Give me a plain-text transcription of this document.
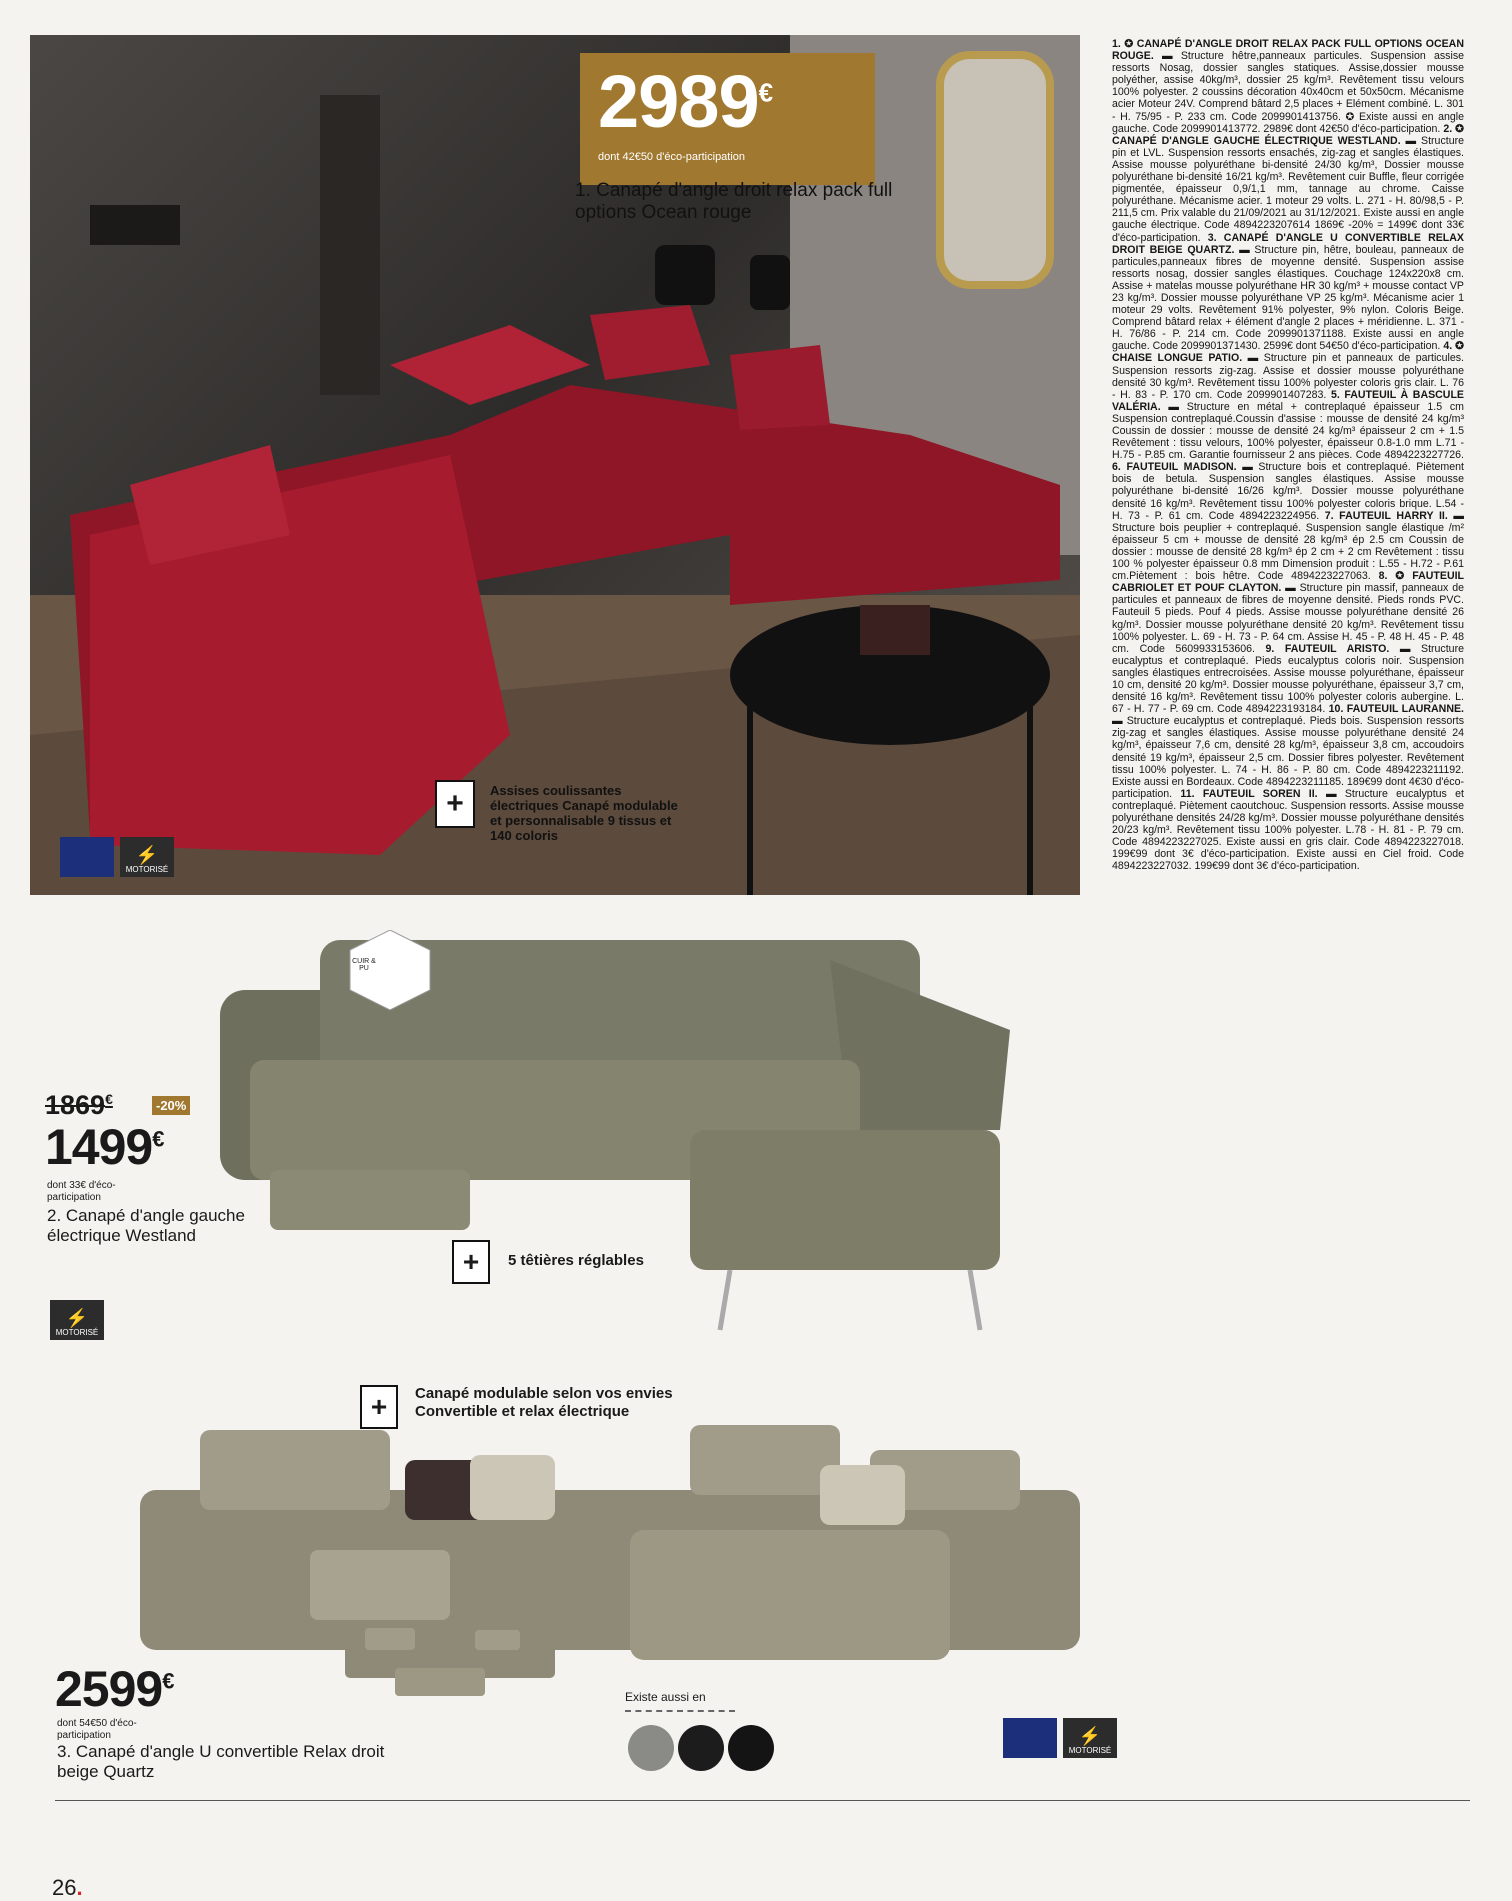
2989€
dont 42€50 d'éco-participation
1. Canapé d'angle droit relax pack full options Ocean rouge
+	Assises coulissantes électriques Canapé modulable et personnalisable 9 tissus et 140 coloris
⚡
MOTORISÉ
1. ✪ CANAPÉ D'ANGLE DROIT RELAX PACK FULL OPTIONS OCEAN ROUGE. ▬ Structure hêtre,panneaux particules. Suspension assise ressorts Nosag, dossier sangles statiques. Assise,dossier mousse polyéther, assise 40kg/m³, dossier 25 kg/m³. Revêtement tissu velours 100% polyester. 2 coussins décoration 40x40cm et 50x50cm. Mécanisme acier Moteur 24V. Comprend bâtard 2,5 places + Elément combiné. L. 301 - H. 75/95 - P. 233 cm. Code 2099901413756. ✪ Existe aussi en angle gauche. Code 2099901413772. 2989€ dont 42€50 d'éco-participation. 2. ✪ CANAPÉ D'ANGLE GAUCHE ÉLECTRIQUE WESTLAND. ▬ Structure pin et LVL. Suspension ressorts ensachés, zig-zag et sangles élastiques. Assise mousse polyuréthane bi-densité 24/30 kg/m³, Dossier mousse polyuréthane bi-densité 16/21 kg/m³. Revêtement cuir Buffle, fleur corrigée pigmentée, épaisseur 0,9/1,1 mm, tannage au chrome. Caisse polyuréthane. Mécanisme acier. 1 moteur 29 volts. L. 271 - H. 80/98,5 - P. 211,5 cm. Prix valable du 21/09/2021 au 31/12/2021. Existe aussi en angle gauche électrique. Code 4894223207614 1869€ -20% = 1499€ dont 33€ d'éco-participation. 3. CANAPÉ D'ANGLE U CONVERTIBLE RELAX DROIT BEIGE QUARTZ. ▬ Structure pin, hêtre, bouleau, panneaux de particules,panneaux fibres de moyenne densité. Suspension assise ressorts nosag, dossier sangles élastiques. Couchage 124x220x8 cm. Assise + matelas mousse polyuréthane HR 30 kg/m³ + mousse contact VP 23 kg/m³. Dossier mousse polyuréthane VP 25 kg/m³. Mécanisme acier 1 moteur 29 volts. Revêtement 91% polyester, 9% nylon. Coloris Beige. Comprend bâtard relax + élément d'angle 2 places + méridienne. L. 371 - H. 76/86 - P. 214 cm. Code 2099901371188. Existe aussi en angle gauche. Code 2099901371430. 2599€ dont 54€50 d'éco-participation. 4. ✪ CHAISE LONGUE PATIO. ▬ Structure pin et panneaux de particules. Suspension ressorts zig-zag. Assise et dossier mousse polyuréthane densité 30 kg/m³. Revêtement tissu 100% polyester coloris gris clair. L. 76 - H. 83 - P. 170 cm. Code 2099901407283. 5. FAUTEUIL À BASCULE VALÉRIA. ▬ Structure en métal + contreplaqué épaisseur 1.5 cm Suspension contreplaqué.Coussin d'assise : mousse de densité 24 kg/m³ Coussin de dossier : mousse de densité 24 kg/m³ épaisseur 2 cm + 1.5 Revêtement : tissu velours, 100% polyester, épaisseur 0.8-1.0 mm L.71 - H.75 - P.85 cm. Garantie fournisseur 2 ans pièces. Code 4894223227726. 6. FAUTEUIL MADISON. ▬ Structure bois et contreplaqué. Piètement bois de betula. Suspension sangles élastiques. Assise mousse polyuréthane bi-densité 16/26 kg/m³. Dossier mousse polyuréthane densité 16 kg/m³. Revêtement tissu 100% polyester coloris brique. L.54 - H. 73 - P. 61 cm. Code 4894223224956. 7. FAUTEUIL HARRY II. ▬ Structure bois peuplier + contreplaqué. Suspension sangle élastique /m² épaisseur 5 cm + mousse de densité 28 kg/m³ ép 2.5 cm Coussin de dossier : mousse de densité 28 kg/m³ ép 2 cm + 2 cm Revêtement : tissu 100 % polyester épaisseur 0.8 mm Dimension produit : L.55 - H.72 - P.61 cm.Piètement : bois hêtre. Code 4894223227063. 8. ✪ FAUTEUIL CABRIOLET ET POUF CLAYTON. ▬ Structure pin massif, panneaux de particules et panneaux de fibres de moyenne densité. Pieds ronds PVC. Fauteuil 5 pieds. Pouf 4 pieds. Assise mousse polyuréthane densité 26 kg/m³. Dossier mousse polyuréthane densité 20 kg/m³. Revêtement tissu 100% polyester. L. 69 - H. 73 - P. 64 cm. Assise H. 45 - P. 48 H. 45 - P. 48 cm. Code 5609933153606. 9. FAUTEUIL ARISTO. ▬ Structure eucalyptus et contreplaqué. Pieds eucalyptus coloris noir. Suspension sangles élastiques entrecroisées. Assise mousse polyuréthane, épaisseur 10 cm, densité 20 kg/m³. Dossier mousse polyuréthane, épaisseur 3,7 cm, densité 16 kg/m³. Revêtement tissu 100% polyester coloris aubergine. L. 67 - H. 77 - P. 69 cm. Code 4894223193184. 10. FAUTEUIL LAURANNE. ▬ Structure eucalyptus et contreplaqué. Pieds bois. Suspension ressorts zig-zag et sangles élastiques. Assise mousse polyuréthane densité 24 kg/m³, épaisseur 7,6 cm, densité 28 kg/m³, épaisseur 3,8 cm, accoudoirs densité 19 kg/m³, épaisseur 2,5 cm. Dossier fibres polyester. Revêtement tissu 100% polyester. L. 74 - H. 86 - P. 80 cm. Code 4894223211192. Existe aussi en Bordeaux. Code 4894223211185. 189€99 dont 4€30 d'éco-participation. 11. FAUTEUIL SOREN II. ▬ Structure eucalyptus et contreplaqué. Piètement caoutchouc. Suspension ressorts. Assise mousse polyuréthane densités 24/28 kg/m³. Dossier mousse polyuréthane densités 20/23 kg/m³. Revêtement tissu 100% polyester. L.78 - H. 81 - P. 79 cm. Code 4894223227025. Existe aussi en gris clair. Code 4894223227018. 199€99 dont 3€ d'éco-participation. Existe aussi en Ciel froid. Code 4894223227032. 199€99 dont 3€ d'éco-participation.
CUIR & PU
1869€	-20%
1499€
dont 33€ d'éco-participation
2. Canapé d'angle gauche électrique Westland
⚡
MOTORISÉ
+	5 têtières réglables
+	Canapé modulable selon vos envies Convertible et relax électrique
2599€
dont 54€50 d'éco-participation
3. Canapé d'angle U convertible Relax droit beige Quartz
Existe aussi en
⚡
MOTORISÉ
26.
